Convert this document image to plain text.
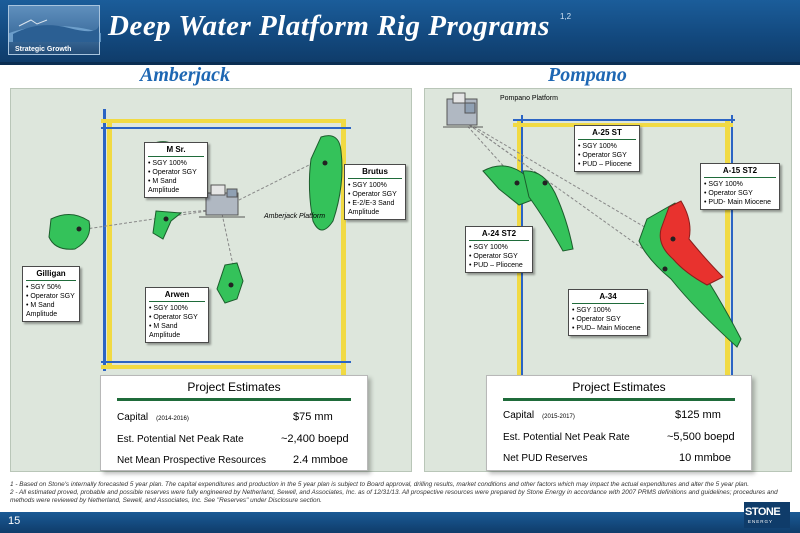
Strategic Growth
Deep Water Platform Rig Programs 1,2
Amberjack
Amberjack Platform
M Sr.
• SGY 100%
• Operator SGY
• M Sand Amplitude
Brutus
• SGY 100%
• Operator SGY
• E-2/E-3 Sand Amplitude
Gilligan
• SGY 50%
• Operator SGY
• M Sand Amplitude
Arwen
• SGY 100%
• Operator SGY
• M Sand Amplitude
Project Estimates
Capital (2014-2016)	$75 mm
Est. Potential Net Peak Rate	~2,400 boepd
Net Mean Prospective Resources 2.4 mmboe
Pompano
Pompano Platform
A-25 ST
• SGY 100%
• Operator SGY
• PUD – Pliocene
A-15 ST2
• SGY 100%
• Operator SGY
• PUD- Main Miocene
A-24 ST2
• SGY 100%
• Operator SGY
• PUD – Pliocene
A-34
• SGY 100%
• Operator SGY
• PUD– Main Miocene
Project Estimates
Capital (2015-2017)	$125 mm
Est. Potential Net Peak Rate	~5,500 boepd
Net PUD Reserves	10 mmboe
1 - Based on Stone's internally forecasted 5 year plan. The capital expenditures and production in the 5 year plan is subject to Board approval, drilling results, market conditions and other factors which may impact the actual expenditures and alter the 5 year plan.
2 - All estimated proved, probable and possible reserves were fully engineered by Netherland, Sewell, and Associates, Inc. as of 12/31/13. All prospective resources were prepared by Stone Energy in accordance with 2007 PRMS definitions and guidelines; procedures and methods were reviewed by Netherland, Sewell, and Associates, Inc. See "Reserves" under Disclosure section.
15
STONE
ENERGY
